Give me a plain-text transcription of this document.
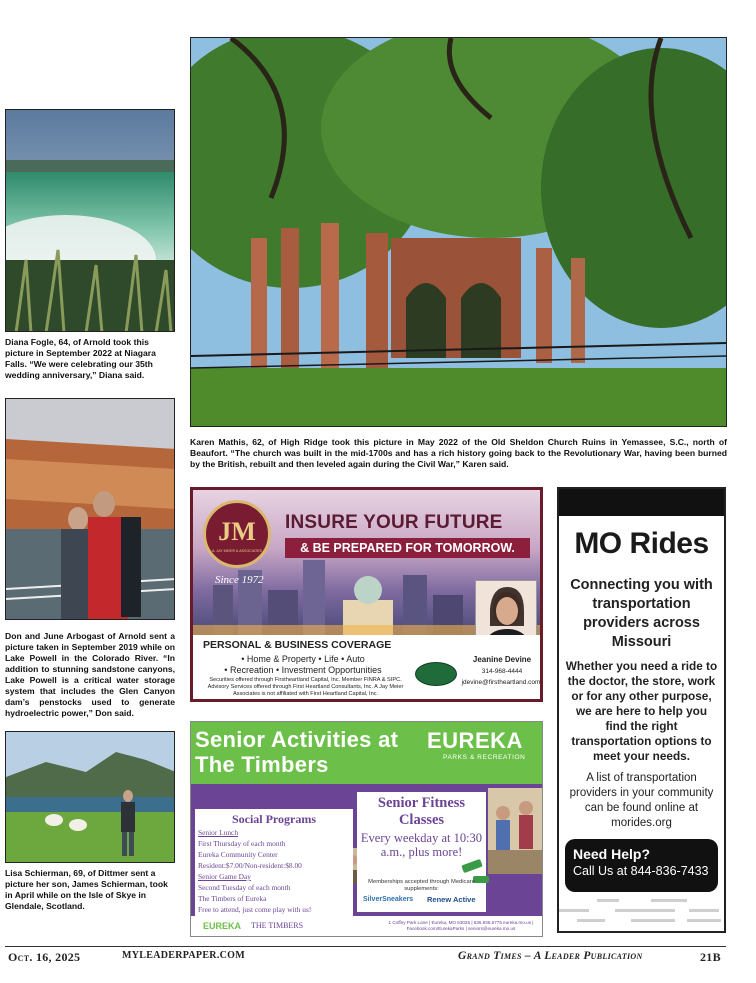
Diana Fogle, 64, of Arnold took this picture in September 2022 at Niagara Falls. “We were celebrating our 35th wedding anniversary,” Diana said.
Don and June Arbogast of Arnold sent a picture taken in September 2019 while on Lake Powell in the Colorado River. “In addition to stunning sandstone canyons, Lake Powell is a critical water storage system that includes the Glen Canyon dam’s penstocks used to generate hydroelectric power,” Don said.
Lisa Schierman, 69, of Dittmer sent a picture her son, James Schierman, took in April while on the Isle of Skye in Glendale, Scotland.
Karen Mathis, 62, of High Ridge took this picture in May 2022 of the Old Sheldon Church Ruins in Yemassee, S.C., north of Beaufort. “The church was built in the mid-1700s and has a rich history going back to the Revolutionary War, having been burned by the British, rebuilt and then leveled again during the Civil War,” Karen said.
JM
A. JAY MEIER & ASSOCIATES
Since 1972
INSURE YOUR FUTURE
& BE PREPARED FOR TOMORROW.
PERSONAL & BUSINESS COVERAGE
• Home & Property • Life • Auto
• Recreation • Investment Opportunities
Securities offered through Firstheartland Capital, Inc. Member FINRA & SIPC. Advisory Services offered through First Heartland Consultants, Inc. A Jay Meier Associates is not affiliated with First Heartland Capital, Inc.
Jeanine Devine
314-968-4444
jdevine@firstheartland.com
MO Rides
Connecting you with transportation providers across Missouri
Whether you need a ride to the doctor, the store, work or for any other purpose, we are here to help you find the right transportation options to meet your needs.
A list of transportation providers in your community can be found online at morides.org
Need Help?
Call Us at 844-836-7433
Senior Activities at The Timbers
EUREKA
PARKS & RECREATION
Social Programs
Senior Lunch
First Thursday of each month
Eureka Community Center
Resident:$7.00/Non-resident:$8.00
Senior Game Day
Second Tuesday of each month
The Timbers of Eureka
Free to attend, just come play with us!
Senior Fitness Classes
Every weekday at 10:30 a.m., plus more!
Memberships accepted through Medicare supplements:
SilverSneakers Renew Active
EUREKA THE TIMBERS	1 Coffey Park Lane | Eureka, MO 63025 | 636.938.6775 eureka.mo.us | Facebook.com/EurekaParks | seniors@eureka.mo.us
Oct. 16, 2025	MYLEADERPAPER.COM	Grand Times – A Leader Publication	21B
